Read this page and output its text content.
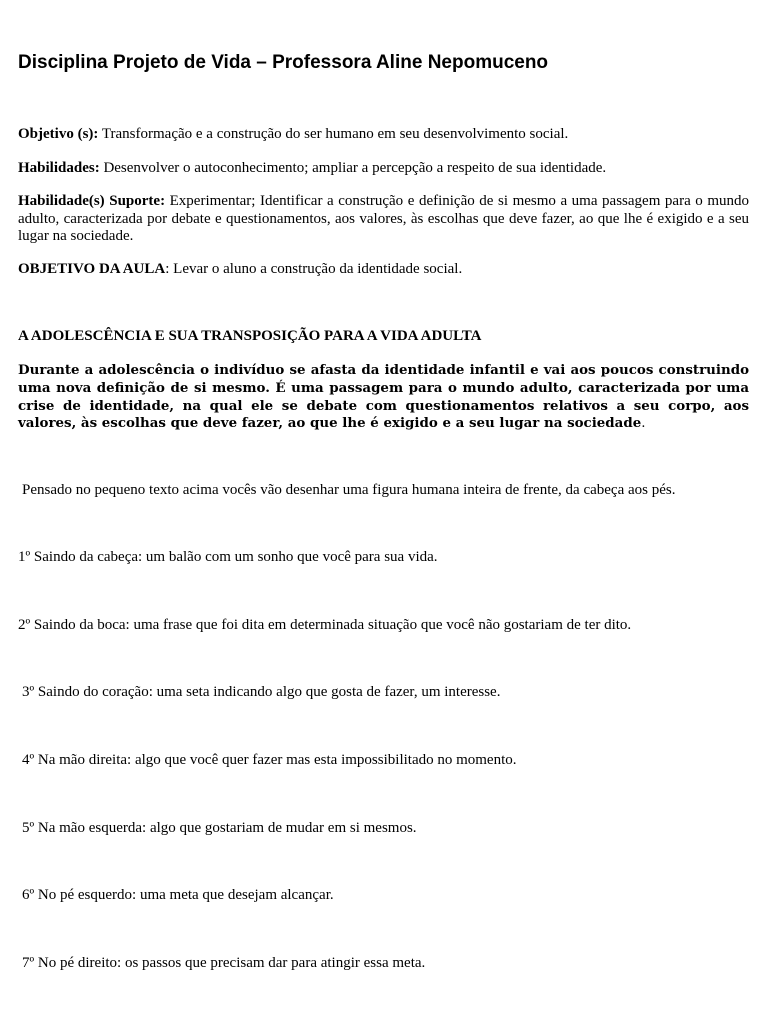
Disciplina Projeto de Vida – Professora Aline Nepomuceno

Objetivo (s): Transformação e a construção do ser humano em seu desenvolvimento social.

Habilidades: Desenvolver o autoconhecimento; ampliar a percepção a respeito de sua identidade.

Habilidade(s) Suporte: Experimentar; Identificar a construção e definição de si mesmo a uma passagem para o mundo adulto, caracterizada por debate e questionamentos, aos valores, às escolhas que deve fazer, ao que lhe é exigido e a seu lugar na sociedade.

OBJETIVO DA AULA: Levar o aluno a construção da identidade social.

A ADOLESCÊNCIA E SUA TRANSPOSIÇÃO PARA A VIDA ADULTA

Durante a adolescência o indivíduo se afasta da identidade infantil e vai aos poucos construindo uma nova definição de si mesmo. É uma passagem para o mundo adulto, caracterizada por uma crise de identidade, na qual ele se debate com questionamentos relativos a seu corpo, aos valores, às escolhas que deve fazer, ao que lhe é exigido e a seu lugar na sociedade.

Pensado no pequeno texto acima vocês vão desenhar uma figura humana inteira de frente, da cabeça aos pés.

1º Saindo da cabeça: um balão com um sonho que você para sua vida.

2º Saindo da boca: uma frase que foi dita em determinada situação que você não gostariam de ter dito.

3º Saindo do coração: uma seta indicando algo que gosta de fazer, um interesse.

4º Na mão direita: algo que você quer fazer mas esta impossibilitado no momento.

5º Na mão esquerda: algo que gostariam de mudar em si mesmos.

6º No pé esquerdo: uma meta que desejam alcançar.

7º No pé direito: os passos que precisam dar para atingir essa meta.
